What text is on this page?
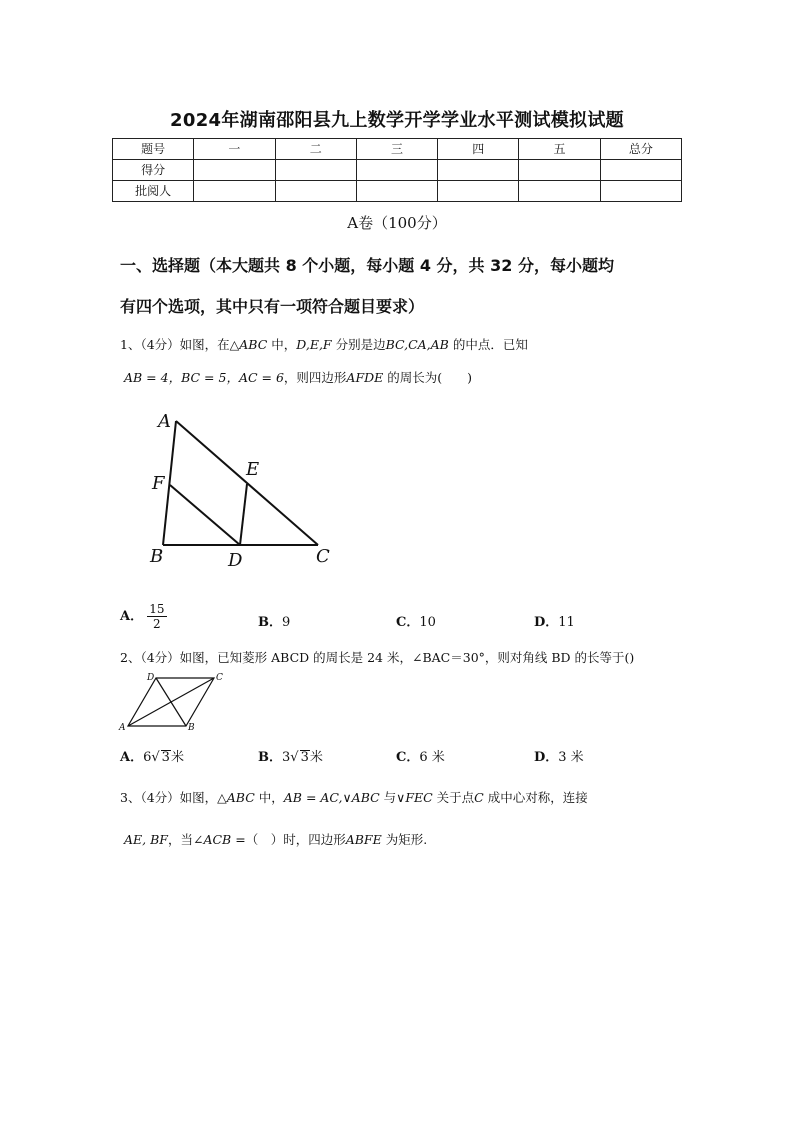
2024年湖南邵阳县九上数学开学学业水平测试模拟试题
题号	一	二	三	四	五	总分
得分						
批阅人						
A卷（100分）
一、选择题（本大题共 8 个小题，每小题 4 分，共 32 分，每小题均
有四个选项，其中只有一项符合题目要求）
1、（4分）如图，在△ABC 中，D,E,F 分别是边BC,CA,AB 的中点．已知
AB = 4，BC = 5，AC = 6，则四边形AFDE 的周长为(　　)
A
B	C
D
E
F
A． $\frac{15}{2}$	B．9	C．10	D．11
2、（4分）如图，已知菱形 ABCD 的周长是 24 米，∠BAC＝30°，则对角线 BD 的长等于()
A	B
C
D
A．6√ 3米	B．3√ 3米	C．6 米	D．3 米
3、（4分）如图，△ABC 中，AB = AC,∨ABC 与∨FEC 关于点C 成中心对称，连接
AE, BF，当∠ACB =（　）时，四边形ABFE 为矩形.
